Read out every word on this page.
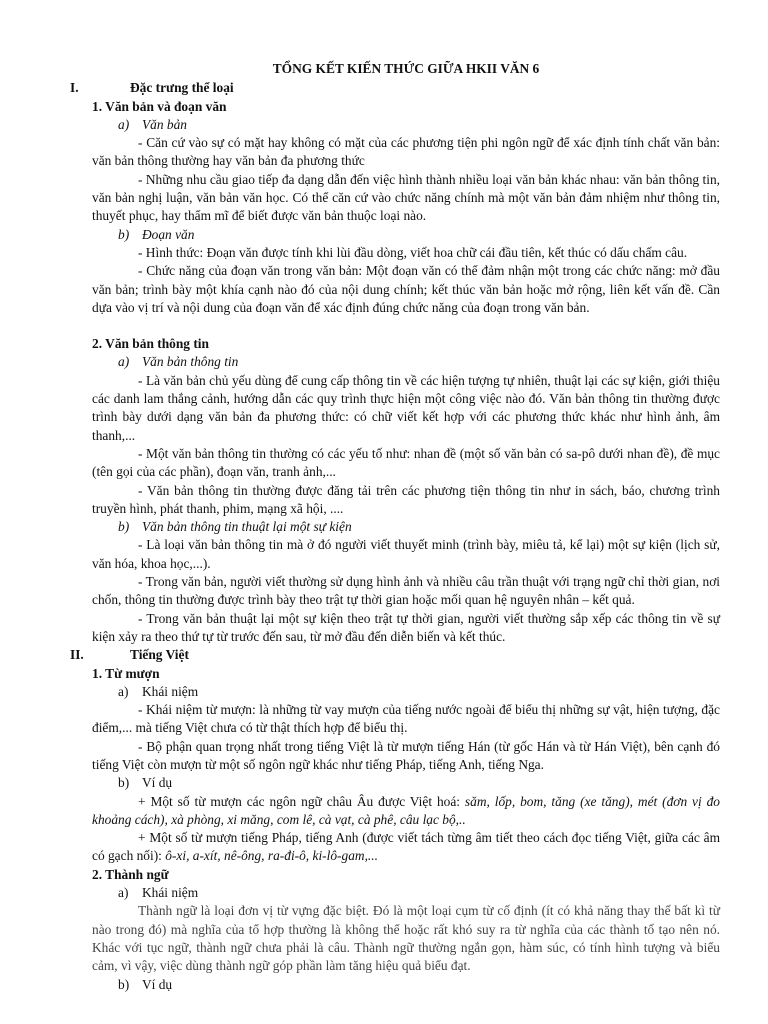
TỔNG KẾT KIẾN THỨC GIỮA HKII VĂN 6
I.	Đặc trưng thể loại
1. Văn bản và đoạn văn
a) Văn bản

- Căn cứ vào sự có mặt hay không có mặt của các phương tiện phi ngôn ngữ để xác định tính chất văn bản: văn bản thông thường hay văn bản đa phương thức

- Những nhu cầu giao tiếp đa dạng dẫn đến việc hình thành nhiều loại văn bản khác nhau: văn bản thông tin, văn bản nghị luận, văn bản văn học. Có thể căn cứ vào chức năng chính mà một văn bản đảm nhiệm như thông tin, thuyết phục, hay thẩm mĩ để biết được văn bản thuộc loại nào.

b) Đoạn văn

- Hình thức: Đoạn văn được tính khi lùi đầu dòng, viết hoa chữ cái đầu tiên, kết thúc có dấu chấm câu.

- Chức năng của đoạn văn trong văn bản: Một đoạn văn có thể đảm nhận một trong các chức năng: mở đầu văn bản; trình bày một khía cạnh nào đó của nội dung chính; kết thúc văn bản hoặc mở rộng, liên kết vấn đề. Cần dựa vào vị trí và nội dung của đoạn văn để xác định đúng chức năng của đoạn trong văn bản.

2. Văn bản thông tin
a) Văn bản thông tin

- Là văn bản chủ yếu dùng để cung cấp thông tin về các hiện tượng tự nhiên, thuật lại các sự kiện, giới thiệu các danh lam thắng cảnh, hướng dẫn các quy trình thực hiện một công việc nào đó. Văn bản thông tin thường được trình bày dưới dạng văn bản đa phương thức: có chữ viết kết hợp với các phương thức khác như hình ảnh, âm thanh,...

- Một văn bản thông tin thường có các yếu tố như: nhan đề (một số văn bản có sa-pô dưới nhan đề), đề mục (tên gọi của các phần), đoạn văn, tranh ảnh,...

- Văn bản thông tin thường được đăng tải trên các phương tiện thông tin như in sách, báo, chương trình truyền hình, phát thanh, phim, mạng xã hội, ....

b) Văn bản thông tin thuật lại một sự kiện

- Là loại văn bản thông tin mà ở đó người viết thuyết minh (trình bày, miêu tả, kể lại) một sự kiện (lịch sử, văn hóa, khoa học,...).

- Trong văn bản, người viết thường sử dụng hình ảnh và nhiều câu trần thuật với trạng ngữ chỉ thời gian, nơi chốn, thông tin thường được trình bày theo trật tự thời gian hoặc mối quan hệ nguyên nhân – kết quả.

- Trong văn bản thuật lại một sự kiện theo trật tự thời gian, người viết thường sắp xếp các thông tin về sự kiện xảy ra theo thứ tự từ trước đến sau, từ mở đầu đến diễn biến và kết thúc.

II.	Tiếng Việt
1. Từ mượn
a) Khái niệm

- Khái niệm từ mượn: là những từ vay mượn của tiếng nước ngoài để biểu thị những sự vật, hiện tượng, đặc điểm,... mà tiếng Việt chưa có từ thật thích hợp để biểu thị.

- Bộ phận quan trọng nhất trong tiếng Việt là từ mượn tiếng Hán (từ gốc Hán và từ Hán Việt), bên cạnh đó tiếng Việt còn mượn từ một số ngôn ngữ khác như tiếng Pháp, tiếng Anh, tiếng Nga.

b) Ví dụ

+ Một số từ mượn các ngôn ngữ châu Âu được Việt hoá: săm, lốp, bom, tăng (xe tăng), mét (đơn vị đo khoảng cách), xà phòng, xi măng, com lê, cà vạt, cà phê, câu lạc bộ,..

+ Một số từ mượn tiếng Pháp, tiếng Anh (được viết tách từng âm tiết theo cách đọc tiếng Việt, giữa các âm có gạch nối): ô-xi, a-xít, nê-ông, ra-đi-ô, ki-lô-gam,...

2. Thành ngữ
a) Khái niệm

Thành ngữ là loại đơn vị từ vựng đặc biệt. Đó là một loại cụm từ cố định (ít có khả năng thay thế bất kì từ nào trong đó) mà nghĩa của tổ hợp thường là không thể hoặc rất khó suy ra từ nghĩa của các thành tố tạo nên nó. Khác với tục ngữ, thành ngữ chưa phải là câu. Thành ngữ thường ngắn gọn, hàm súc, có tính hình tượng và biểu cảm, vì vậy, việc dùng thành ngữ góp phần làm tăng hiệu quả biểu đạt.

b) Ví dụ
